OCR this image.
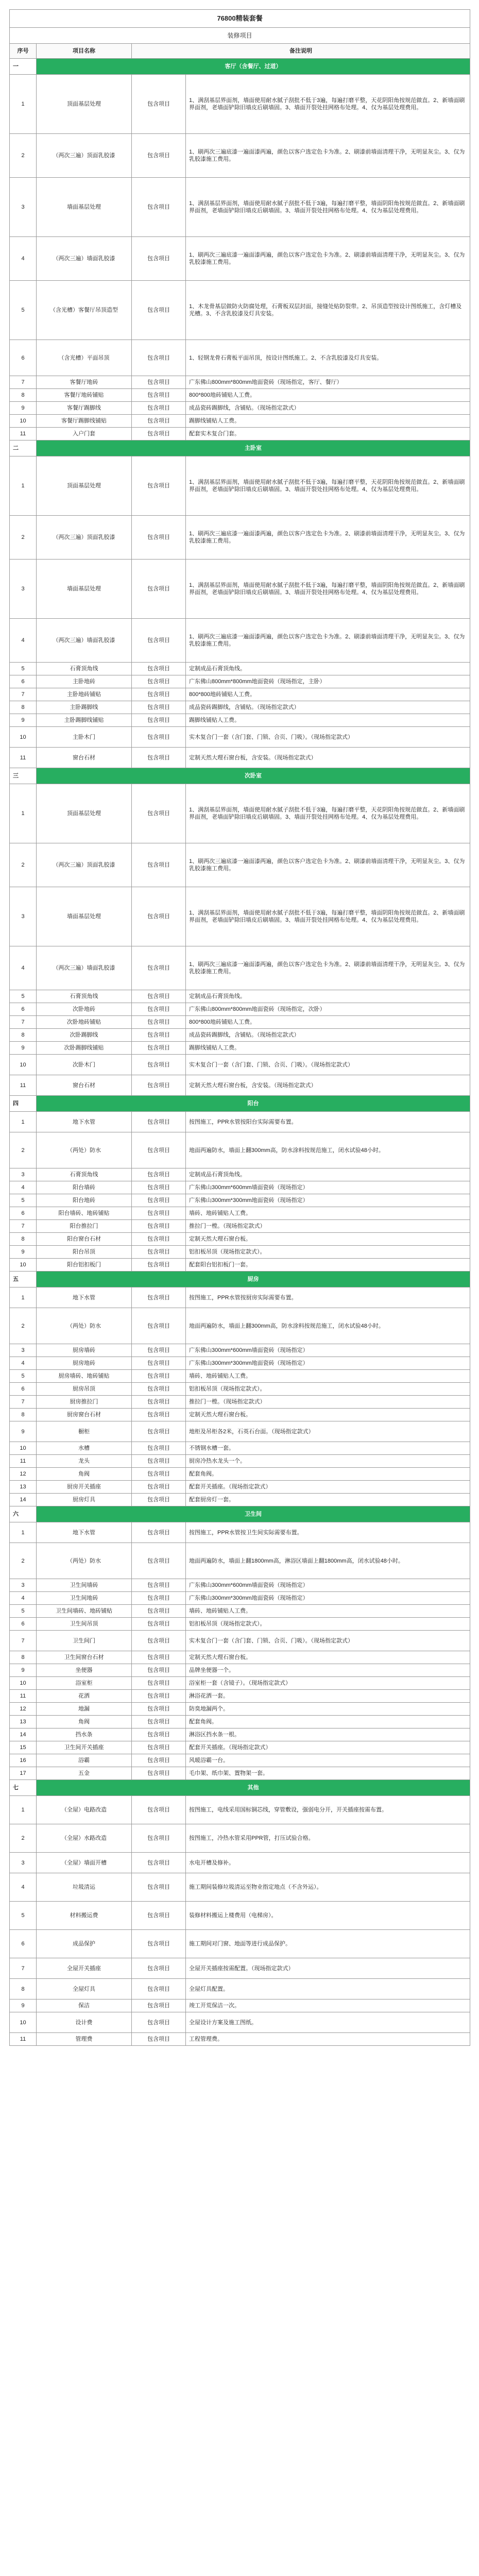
76800精装套餐			
装修项目			
序号	项目名称	备注说明	
一	客厅（含餐厅、过道）		
1	顶面基层处理	包含项目	1、满刮基层界面剂，墙面使用耐水腻子刮批不低于3遍，每遍打磨平整，天花阴阳角按规范做直。2、新墙面刷界面剂，老墙面铲除旧墙皮后刷墙固。3、墙面开裂处挂网格布处理。4、仅为基层处理费用。
2	（两次三遍）顶面乳胶漆	包含项目	1、刷两次三遍底漆一遍面漆两遍，颜色以客户选定色卡为准。2、刷漆前墙面清理干净，无明显灰尘。3、仅为乳胶漆施工费用。
3	墙面基层处理	包含项目	1、满刮基层界面剂，墙面使用耐水腻子刮批不低于3遍，每遍打磨平整，墙面阴阳角按规范做直。2、新墙面刷界面剂，老墙面铲除旧墙皮后刷墙固。3、墙面开裂处挂网格布处理。4、仅为基层处理费用。
4	（两次三遍）墙面乳胶漆	包含项目	1、刷两次三遍底漆一遍面漆两遍，颜色以客户选定色卡为准。2、刷漆前墙面清理干净，无明显灰尘。3、仅为乳胶漆施工费用。
5	（含光槽）客餐厅吊顶造型	包含项目	1、木龙骨基层做防火防腐处理，石膏板双层封面，接缝处贴防裂带。2、吊顶造型按设计图纸施工，含灯槽及光槽。3、不含乳胶漆及灯具安装。
6	（含光槽）平面吊顶	包含项目	1、轻钢龙骨石膏板平面吊顶，按设计图纸施工。2、不含乳胶漆及灯具安装。
7	客餐厅地砖	包含项目	广东佛山800mm*800mm地面瓷砖（现场指定，客厅、餐厅）
8	客餐厅地砖铺贴	包含项目	800*800地砖铺贴人工费。
9	客餐厅踢脚线	包含项目	成品瓷砖踢脚线，含铺贴。（现场指定款式）
10	客餐厅踢脚线铺贴	包含项目	踢脚线铺贴人工费。
11	入户门套	包含项目	配套实木复合门套。
二	主卧室		
1	顶面基层处理	包含项目	1、满刮基层界面剂，墙面使用耐水腻子刮批不低于3遍，每遍打磨平整，天花阴阳角按规范做直。2、新墙面刷界面剂，老墙面铲除旧墙皮后刷墙固。3、墙面开裂处挂网格布处理。4、仅为基层处理费用。
2	（两次三遍）顶面乳胶漆	包含项目	1、刷两次三遍底漆一遍面漆两遍，颜色以客户选定色卡为准。2、刷漆前墙面清理干净，无明显灰尘。3、仅为乳胶漆施工费用。
3	墙面基层处理	包含项目	1、满刮基层界面剂，墙面使用耐水腻子刮批不低于3遍，每遍打磨平整，墙面阴阳角按规范做直。2、新墙面刷界面剂，老墙面铲除旧墙皮后刷墙固。3、墙面开裂处挂网格布处理。4、仅为基层处理费用。
4	（两次三遍）墙面乳胶漆	包含项目	1、刷两次三遍底漆一遍面漆两遍，颜色以客户选定色卡为准。2、刷漆前墙面清理干净，无明显灰尘。3、仅为乳胶漆施工费用。
5	石膏顶角线	包含项目	定制成品石膏顶角线。
6	主卧地砖	包含项目	广东佛山800mm*800mm地面瓷砖（现场指定，主卧）
7	主卧地砖铺贴	包含项目	800*800地砖铺贴人工费。
8	主卧踢脚线	包含项目	成品瓷砖踢脚线，含铺贴。（现场指定款式）
9	主卧踢脚线铺贴	包含项目	踢脚线铺贴人工费。
10	主卧木门	包含项目	实木复合门一套（含门套、门锁、合页、门吸）。（现场指定款式）
11	窗台石材	包含项目	定制天然大理石窗台板，含安装。（现场指定款式）
三	次卧室		
1	顶面基层处理	包含项目	1、满刮基层界面剂，墙面使用耐水腻子刮批不低于3遍，每遍打磨平整，天花阴阳角按规范做直。2、新墙面刷界面剂，老墙面铲除旧墙皮后刷墙固。3、墙面开裂处挂网格布处理。4、仅为基层处理费用。
2	（两次三遍）顶面乳胶漆	包含项目	1、刷两次三遍底漆一遍面漆两遍，颜色以客户选定色卡为准。2、刷漆前墙面清理干净，无明显灰尘。3、仅为乳胶漆施工费用。
3	墙面基层处理	包含项目	1、满刮基层界面剂，墙面使用耐水腻子刮批不低于3遍，每遍打磨平整，墙面阴阳角按规范做直。2、新墙面刷界面剂，老墙面铲除旧墙皮后刷墙固。3、墙面开裂处挂网格布处理。4、仅为基层处理费用。
4	（两次三遍）墙面乳胶漆	包含项目	1、刷两次三遍底漆一遍面漆两遍，颜色以客户选定色卡为准。2、刷漆前墙面清理干净，无明显灰尘。3、仅为乳胶漆施工费用。
5	石膏顶角线	包含项目	定制成品石膏顶角线。
6	次卧地砖	包含项目	广东佛山800mm*800mm地面瓷砖（现场指定，次卧）
7	次卧地砖铺贴	包含项目	800*800地砖铺贴人工费。
8	次卧踢脚线	包含项目	成品瓷砖踢脚线，含铺贴。（现场指定款式）
9	次卧踢脚线铺贴	包含项目	踢脚线铺贴人工费。
10	次卧木门	包含项目	实木复合门一套（含门套、门锁、合页、门吸）。（现场指定款式）
11	窗台石材	包含项目	定制天然大理石窗台板，含安装。（现场指定款式）
四	阳台		
1	地下水管	包含项目	按图施工，PPR水管按阳台实际需要布置。
2	（两处）防水	包含项目	地面两遍防水，墙面上翻300mm高，防水涂料按规范施工，闭水试验48小时。
3	石膏顶角线	包含项目	定制成品石膏顶角线。
4	阳台墙砖	包含项目	广东佛山300mm*600mm墙面瓷砖（现场指定）
5	阳台地砖	包含项目	广东佛山300mm*300mm地面瓷砖（现场指定）
6	阳台墙砖、地砖铺贴	包含项目	墙砖、地砖铺贴人工费。
7	阳台推拉门	包含项目	推拉门一樘。（现场指定款式）
8	阳台窗台石材	包含项目	定制天然大理石窗台板。
9	阳台吊顶	包含项目	铝扣板吊顶（现场指定款式）。
10	阳台铝扣板门	包含项目	配套阳台铝扣板门一套。
五	厨房		
1	地下水管	包含项目	按图施工，PPR水管按厨房实际需要布置。
2	（两处）防水	包含项目	地面两遍防水，墙面上翻300mm高，防水涂料按规范施工，闭水试验48小时。
3	厨房墙砖	包含项目	广东佛山300mm*600mm墙面瓷砖（现场指定）
4	厨房地砖	包含项目	广东佛山300mm*300mm地面瓷砖（现场指定）
5	厨房墙砖、地砖铺贴	包含项目	墙砖、地砖铺贴人工费。
6	厨房吊顶	包含项目	铝扣板吊顶（现场指定款式）。
7	厨房推拉门	包含项目	推拉门一樘。（现场指定款式）
8	厨房窗台石材	包含项目	定制天然大理石窗台板。
9	橱柜	包含项目	地柜及吊柜各2米，石英石台面。（现场指定款式）
10	水槽	包含项目	不锈钢水槽一套。
11	龙头	包含项目	厨房冷热水龙头一个。
12	角阀	包含项目	配套角阀。
13	厨房开关插座	包含项目	配套开关插座。（现场指定款式）
14	厨房灯具	包含项目	配套厨房灯一套。
六	卫生间		
1	地下水管	包含项目	按图施工，PPR水管按卫生间实际需要布置。
2	（两处）防水	包含项目	地面两遍防水，墙面上翻1800mm高，淋浴区墙面上翻1800mm高，闭水试验48小时。
3	卫生间墙砖	包含项目	广东佛山300mm*600mm墙面瓷砖（现场指定）
4	卫生间地砖	包含项目	广东佛山300mm*300mm地面瓷砖（现场指定）
5	卫生间墙砖、地砖铺贴	包含项目	墙砖、地砖铺贴人工费。
6	卫生间吊顶	包含项目	铝扣板吊顶（现场指定款式）。
7	卫生间门	包含项目	实木复合门一套（含门套、门锁、合页、门吸）。（现场指定款式）
8	卫生间窗台石材	包含项目	定制天然大理石窗台板。
9	坐便器	包含项目	品牌坐便器一个。
10	浴室柜	包含项目	浴室柜一套（含镜子）。（现场指定款式）
11	花洒	包含项目	淋浴花洒一套。
12	地漏	包含项目	防臭地漏两个。
13	角阀	包含项目	配套角阀。
14	挡水条	包含项目	淋浴区挡水条一根。
15	卫生间开关插座	包含项目	配套开关插座。（现场指定款式）
16	浴霸	包含项目	风暖浴霸一台。
17	五金	包含项目	毛巾架、纸巾架、置物架一套。
七	其他		
1	（全屋）电路改造	包含项目	按图施工，电线采用国标铜芯线，穿管敷设，强弱电分开，开关插座按需布置。
2	（全屋）水路改造	包含项目	按图施工，冷热水管采用PPR管，打压试验合格。
3	（全屋）墙面开槽	包含项目	水电开槽及修补。
4	垃圾清运	包含项目	施工期间装修垃圾清运至物业指定地点（不含外运）。
5	材料搬运费	包含项目	装修材料搬运上楼费用（电梯房）。
6	成品保护	包含项目	施工期间对门窗、地面等进行成品保护。
7	全屋开关插座	包含项目	全屋开关插座按需配置。（现场指定款式）
8	全屋灯具	包含项目	全屋灯具配置。
9	保洁	包含项目	竣工开荒保洁一次。
10	设计费	包含项目	全屋设计方案及施工图纸。
11	管理费	包含项目	工程管理费。
